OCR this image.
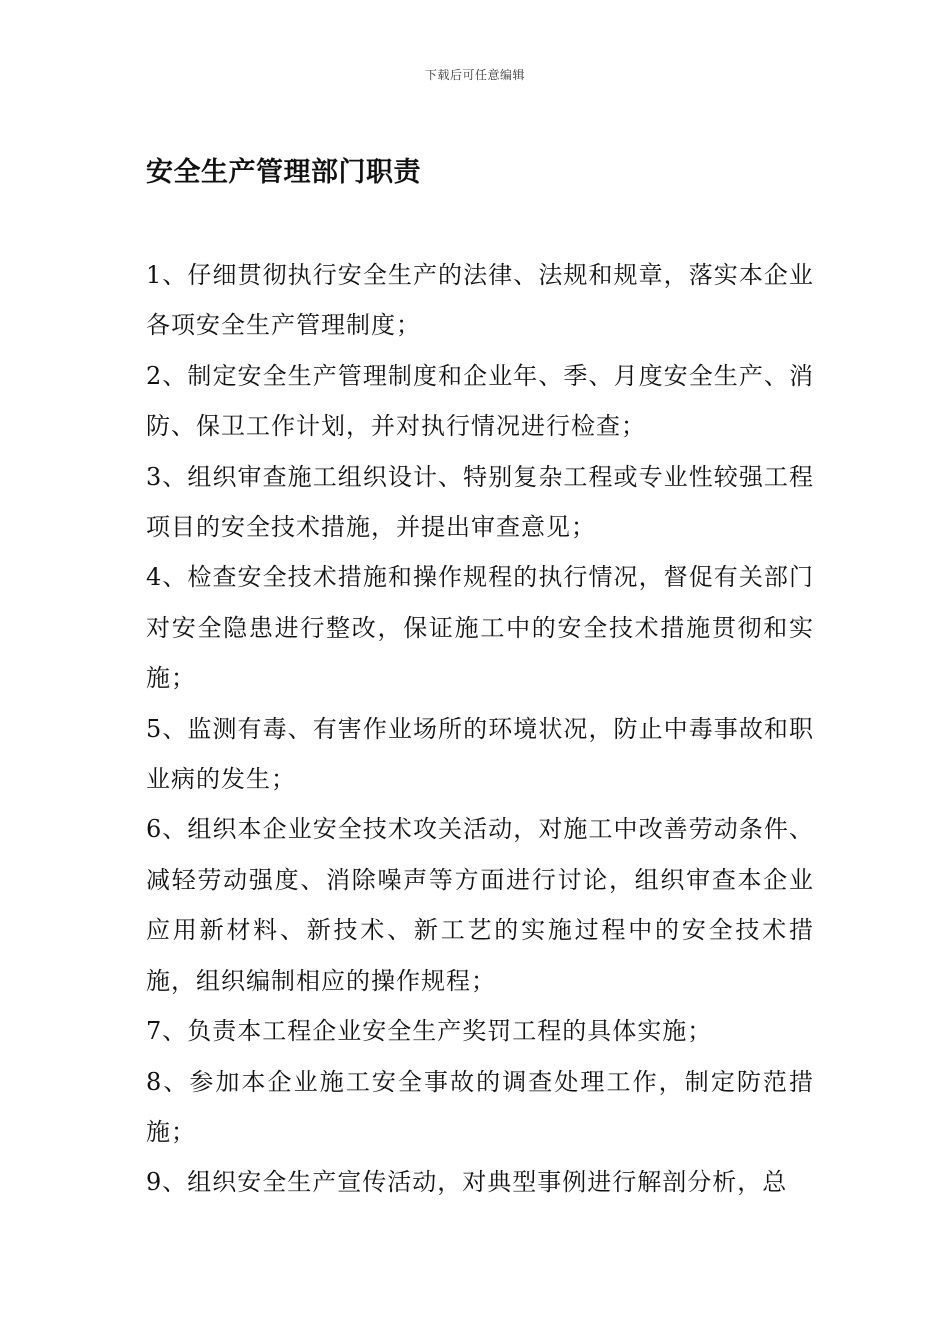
下载后可任意编辑
安全生产管理部门职责

1、仔细贯彻执行安全生产的法律、法规和规章，落实本企业各项安全生产管理制度；

2、制定安全生产管理制度和企业年、季、月度安全生产、消防、保卫工作计划，并对执行情况进行检查；

3、组织审查施工组织设计、特别复杂工程或专业性较强工程项目的安全技术措施，并提出审查意见；

4、检查安全技术措施和操作规程的执行情况，督促有关部门对安全隐患进行整改，保证施工中的安全技术措施贯彻和实施；

5、监测有毒、有害作业场所的环境状况，防止中毒事故和职业病的发生；

6、组织本企业安全技术攻关活动，对施工中改善劳动条件、减轻劳动强度、消除噪声等方面进行讨论，组织审查本企业应用新材料、新技术、新工艺的实施过程中的安全技术措施，组织编制相应的操作规程；

7、负责本工程企业安全生产奖罚工程的具体实施；

8、参加本企业施工安全事故的调查处理工作，制定防范措施；

9、组织安全生产宣传活动，对典型事例进行解剖分析，总
